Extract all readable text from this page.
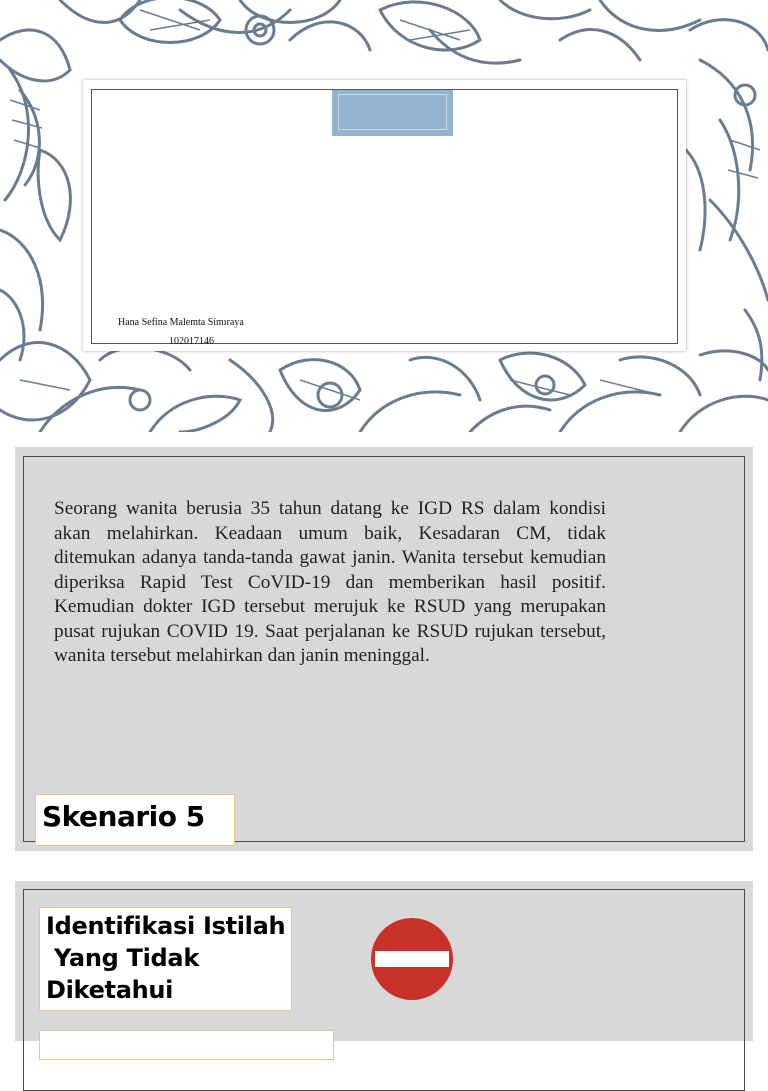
Hana Sefina Malemta Simıraya
102017146

Seorang wanita berusia 35 tahun datang ke IGD RS dalam kondisi akan melahirkan. Keadaan umum baik, Kesadaran CM, tidak ditemukan adanya tanda-tanda gawat janin. Wanita tersebut kemudian diperiksa Rapid Test CoVID-19 dan memberikan hasil positif. Kemudian dokter IGD tersebut merujuk ke RSUD yang merupakan pusat rujukan COVID 19. Saat perjalanan ke RSUD rujukan tersebut, wanita tersebut melahirkan dan janin meninggal.

Skenario 5
Identifikasi Istilah
Yang Tidak
Diketahui
